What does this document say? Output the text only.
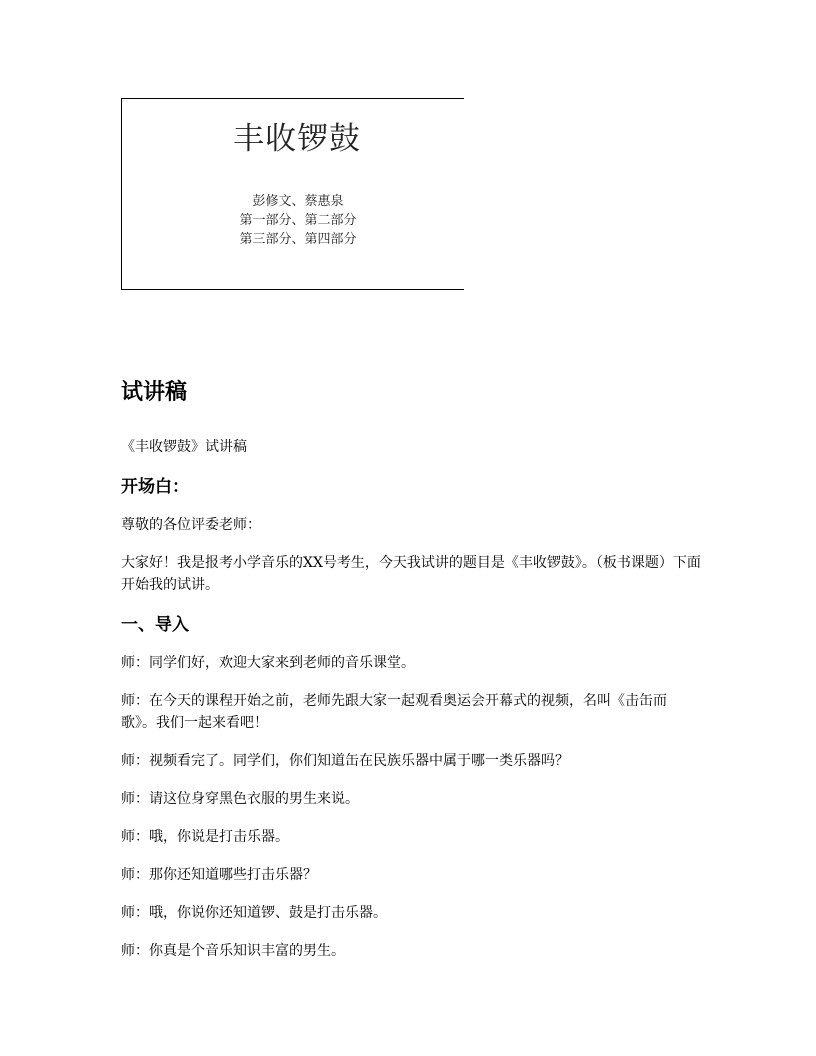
丰收锣鼓
彭修文、蔡惠泉
第一部分、第二部分
第三部分、第四部分
试讲稿

《丰收锣鼓》试讲稿

开场白：

尊敬的各位评委老师：

大家好！我是报考小学音乐的XX号考生，今天我试讲的题目是《丰收锣鼓》。（板书课题）下面开始我的试讲。

一、导入

师：同学们好，欢迎大家来到老师的音乐课堂。

师：在今天的课程开始之前，老师先跟大家一起观看奥运会开幕式的视频，名叫《击缶而歌》。我们一起来看吧！

师：视频看完了。同学们，你们知道缶在民族乐器中属于哪一类乐器吗？

师：请这位身穿黑色衣服的男生来说。

师：哦，你说是打击乐器。

师：那你还知道哪些打击乐器？

师：哦，你说你还知道锣、鼓是打击乐器。

师：你真是个音乐知识丰富的男生。
